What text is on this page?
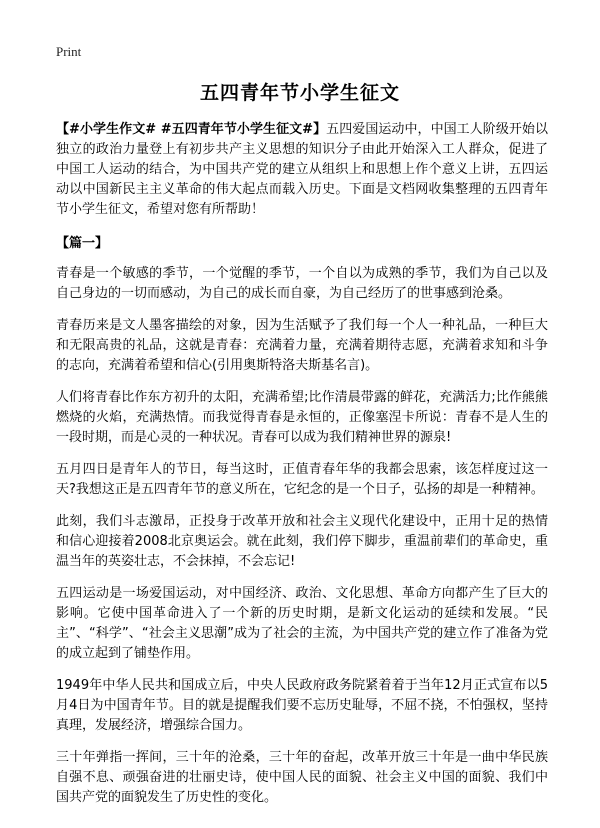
Print
五四青年节小学生征文

【#小学生作文# #五四青年节小学生征文#】五四爱国运动中，中国工人阶级开始以独立的政治力量登上有初步共产主义思想的知识分子由此开始深入工人群众，促进了中国工人运动的结合，为中国共产党的建立从组织上和思想上作个意义上讲，五四运动以中国新民主主义革命的伟大起点而载入历史。下面是文档网收集整理的五四青年节小学生征文，希望对您有所帮助！

【篇一】

青春是一个敏感的季节，一个觉醒的季节，一个自以为成熟的季节，我们为自己以及自己身边的一切而感动，为自己的成长而自豪，为自己经历了的世事感到沧桑。

青春历来是文人墨客描绘的对象，因为生活赋予了我们每一个人一种礼品，一种巨大和无限高贵的礼品，这就是青春：充满着力量，充满着期待志愿，充满着求知和斗争的志向，充满着希望和信心(引用奥斯特洛夫斯基名言)。

人们将青春比作东方初升的太阳，充满希望;比作清晨带露的鲜花，充满活力;比作熊熊燃烧的火焰，充满热情。而我觉得青春是永恒的，正像塞涅卡所说：青春不是人生的一段时期，而是心灵的一种状况。青春可以成为我们精神世界的源泉!

五月四日是青年人的节日，每当这时，正值青春年华的我都会思索，该怎样度过这一天?我想这正是五四青年节的意义所在，它纪念的是一个日子，弘扬的却是一种精神。

此刻，我们斗志激昂，正投身于改革开放和社会主义现代化建设中，正用十足的热情和信心迎接着2008北京奥运会。就在此刻，我们停下脚步，重温前辈们的革命史，重温当年的英姿壮志，不会抹掉，不会忘记!

五四运动是一场爱国运动，对中国经济、政治、文化思想、革命方向都产生了巨大的影响。它使中国革命进入了一个新的历史时期，是新文化运动的延续和发展。“民主”、“科学”、“社会主义思潮”成为了社会的主流，为中国共产党的建立作了准备为党的成立起到了铺垫作用。

1949年中华人民共和国成立后，中央人民政府政务院紧着着于当年12月正式宣布以5月4日为中国青年节。目的就是提醒我们要不忘历史耻辱，不屈不挠，不怕强权，坚持真理，发展经济，增强综合国力。

三十年弹指一挥间，三十年的沧桑，三十年的奋起，改革开放三十年是一曲中华民族自强不息、顽强奋进的壮丽史诗，使中国人民的面貌、社会主义中国的面貌、我们中国共产党的面貌发生了历史性的变化。
